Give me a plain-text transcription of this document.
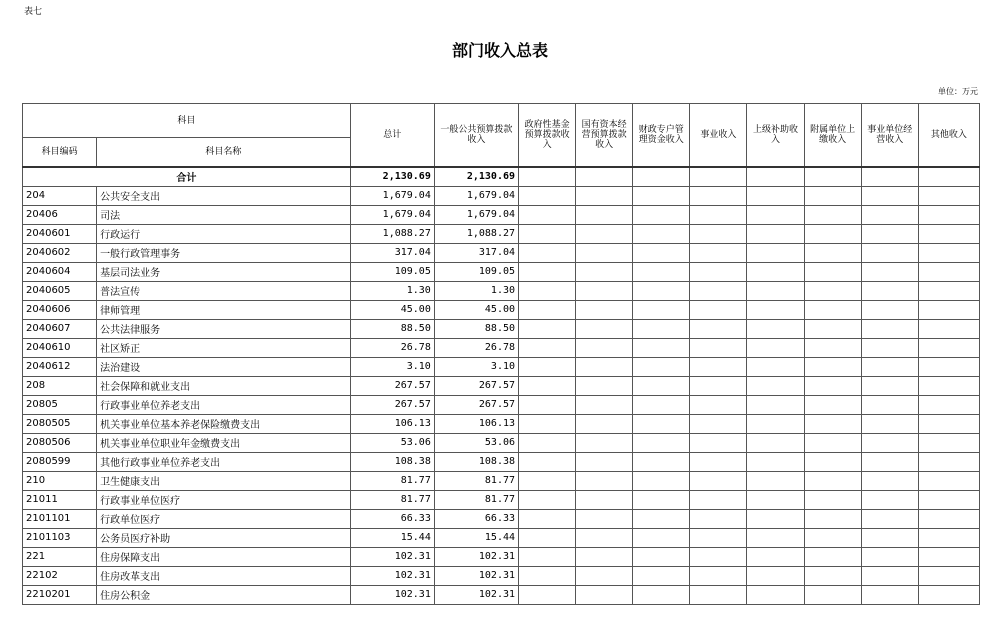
表七
部门收入总表
单位：万元
科目		总计	一般公共预算拨款收入	政府性基金预算拨款收入	国有资本经营预算拨款收入	财政专户管理资金收入	事业收入	上级补助收入	附属单位上缴收入	事业单位经营收入	其他收入
科目编码	科目名称										
合计		2,130.69	2,130.69								
204	公共安全支出	1,679.04	1,679.04								
20406	司法	1,679.04	1,679.04								
2040601	行政运行	1,088.27	1,088.27								
2040602	一般行政管理事务	317.04	317.04								
2040604	基层司法业务	109.05	109.05								
2040605	普法宣传	1.30	1.30								
2040606	律师管理	45.00	45.00								
2040607	公共法律服务	88.50	88.50								
2040610	社区矫正	26.78	26.78								
2040612	法治建设	3.10	3.10								
208	社会保障和就业支出	267.57	267.57								
20805	行政事业单位养老支出	267.57	267.57								
2080505	机关事业单位基本养老保险缴费支出	106.13	106.13								
2080506	机关事业单位职业年金缴费支出	53.06	53.06								
2080599	其他行政事业单位养老支出	108.38	108.38								
210	卫生健康支出	81.77	81.77								
21011	行政事业单位医疗	81.77	81.77								
2101101	行政单位医疗	66.33	66.33								
2101103	公务员医疗补助	15.44	15.44								
221	住房保障支出	102.31	102.31								
22102	住房改革支出	102.31	102.31								
2210201	住房公积金	102.31	102.31								
